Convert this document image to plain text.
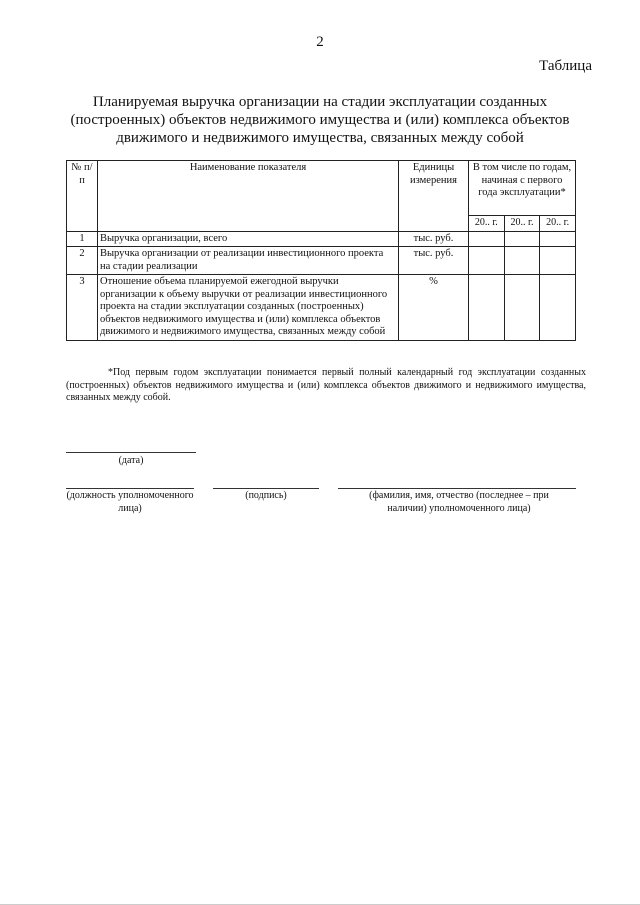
2
Таблица
Планируемая выручка организации на стадии эксплуатации созданных
(построенных) объектов недвижимого имущества и (или) комплекса объектов
движимого и недвижимого имущества, связанных между собой
№ п/п	Наименование показателя	Единицы измерения	В том числе по годам, начиная с первого года эксплуатации*		
			20.. г.	20.. г.	20.. г.
1	Выручка организации, всего	тыс. руб.			
2	Выручка организации от реализации инвестиционного проекта на стадии реализации	тыс. руб.			
3	Отношение объема планируемой ежегодной выручки организации к объему выручки от реализации инвестиционного проекта на стадии эксплуатации созданных (построенных) объектов недвижимого имущества и (или) комплекса объектов движимого и недвижимого имущества, связанных между собой	%			
*Под первым годом эксплуатации понимается первый полный календарный год эксплуатации созданных (построенных) объектов недвижимого имущества и (или) комплекса объектов движимого и недвижимого имущества, связанных между собой.
(дата)
(должность уполномоченного лица)
(подпись)	(фамилия, имя, отчество (последнее – при наличии) уполномоченного лица)
